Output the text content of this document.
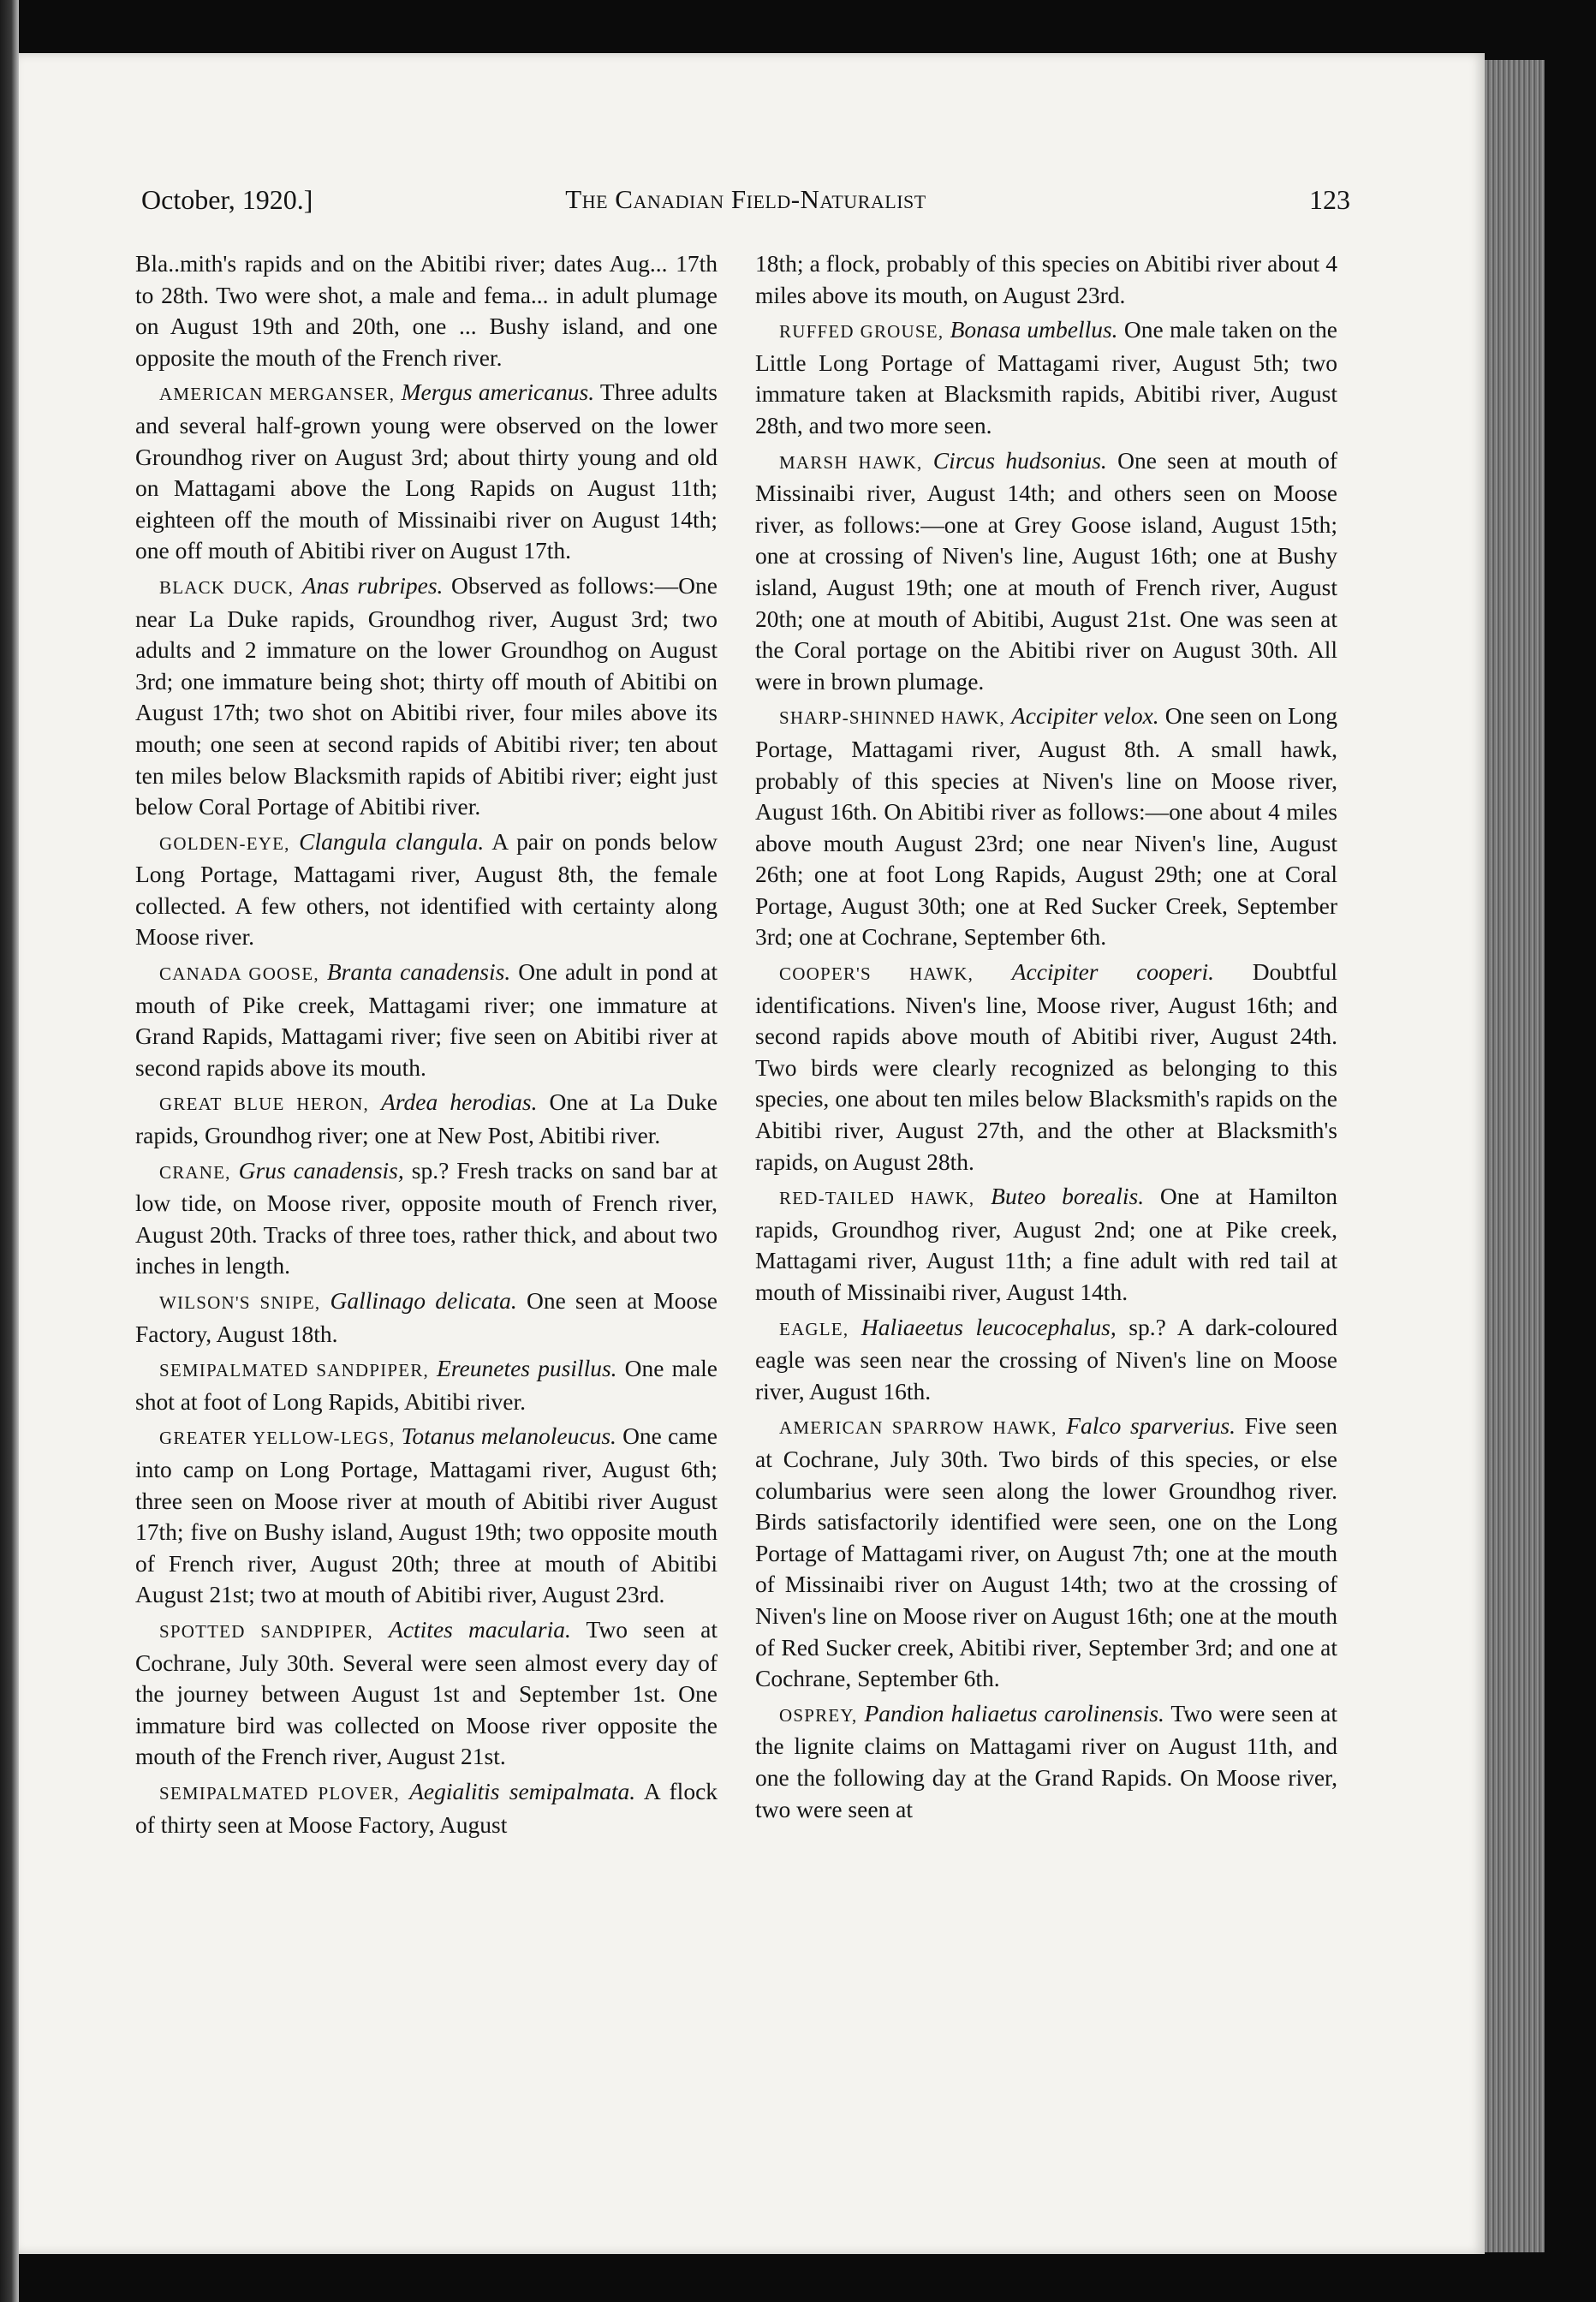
October, 1920.]	The Canadian Field-Naturalist	123

Bla..mith's rapids and on the Abitibi river; dates Aug... 17th to 28th. Two were shot, a male and fema... in adult plumage on August 19th and 20th, one ... Bushy island, and one opposite the mouth of the French river.

AMERICAN MERGANSER, Mergus americanus. Three adults and several half-grown young were observed on the lower Groundhog river on August 3rd; about thirty young and old on Mattagami above the Long Rapids on August 11th; eighteen off the mouth of Missinaibi river on August 14th; one off mouth of Abitibi river on August 17th.

BLACK DUCK, Anas rubripes. Observed as follows:—One near La Duke rapids, Groundhog river, August 3rd; two adults and 2 immature on the lower Groundhog on August 3rd; one immature being shot; thirty off mouth of Abitibi on August 17th; two shot on Abitibi river, four miles above its mouth; one seen at second rapids of Abitibi river; ten about ten miles below Blacksmith rapids of Abitibi river; eight just below Coral Portage of Abitibi river.

GOLDEN-EYE, Clangula clangula. A pair on ponds below Long Portage, Mattagami river, August 8th, the female collected. A few others, not identified with certainty along Moose river.

CANADA GOOSE, Branta canadensis. One adult in pond at mouth of Pike creek, Mattagami river; one immature at Grand Rapids, Mattagami river; five seen on Abitibi river at second rapids above its mouth.

GREAT BLUE HERON, Ardea herodias. One at La Duke rapids, Groundhog river; one at New Post, Abitibi river.

CRANE, Grus canadensis, sp.? Fresh tracks on sand bar at low tide, on Moose river, opposite mouth of French river, August 20th. Tracks of three toes, rather thick, and about two inches in length.

WILSON'S SNIPE, Gallinago delicata. One seen at Moose Factory, August 18th.

SEMIPALMATED SANDPIPER, Ereunetes pusillus. One male shot at foot of Long Rapids, Abitibi river.

GREATER YELLOW-LEGS, Totanus melanoleucus. One came into camp on Long Portage, Mattagami river, August 6th; three seen on Moose river at mouth of Abitibi river August 17th; five on Bushy island, August 19th; two opposite mouth of French river, August 20th; three at mouth of Abitibi August 21st; two at mouth of Abitibi river, August 23rd.

SPOTTED SANDPIPER, Actites macularia. Two seen at Cochrane, July 30th. Several were seen almost every day of the journey between August 1st and September 1st. One immature bird was collected on Moose river opposite the mouth of the French river, August 21st.

SEMIPALMATED PLOVER, Aegialitis semipalmata. A flock of thirty seen at Moose Factory, August

18th; a flock, probably of this species on Abitibi river about 4 miles above its mouth, on August 23rd.

RUFFED GROUSE, Bonasa umbellus. One male taken on the Little Long Portage of Mattagami river, August 5th; two immature taken at Blacksmith rapids, Abitibi river, August 28th, and two more seen.

MARSH HAWK, Circus hudsonius. One seen at mouth of Missinaibi river, August 14th; and others seen on Moose river, as follows:—one at Grey Goose island, August 15th; one at crossing of Niven's line, August 16th; one at Bushy island, August 19th; one at mouth of French river, August 20th; one at mouth of Abitibi, August 21st. One was seen at the Coral portage on the Abitibi river on August 30th. All were in brown plumage.

SHARP-SHINNED HAWK, Accipiter velox. One seen on Long Portage, Mattagami river, August 8th. A small hawk, probably of this species at Niven's line on Moose river, August 16th. On Abitibi river as follows:—one about 4 miles above mouth August 23rd; one near Niven's line, August 26th; one at foot Long Rapids, August 29th; one at Coral Portage, August 30th; one at Red Sucker Creek, September 3rd; one at Cochrane, September 6th.

COOPER'S HAWK, Accipiter cooperi. Doubtful identifications. Niven's line, Moose river, August 16th; and second rapids above mouth of Abitibi river, August 24th. Two birds were clearly recognized as belonging to this species, one about ten miles below Blacksmith's rapids on the Abitibi river, August 27th, and the other at Blacksmith's rapids, on August 28th.

RED-TAILED HAWK, Buteo borealis. One at Hamilton rapids, Groundhog river, August 2nd; one at Pike creek, Mattagami river, August 11th; a fine adult with red tail at mouth of Missinaibi river, August 14th.

EAGLE, Haliaeetus leucocephalus, sp.? A dark-coloured eagle was seen near the crossing of Niven's line on Moose river, August 16th.

AMERICAN SPARROW HAWK, Falco sparverius. Five seen at Cochrane, July 30th. Two birds of this species, or else columbarius were seen along the lower Groundhog river. Birds satisfactorily identified were seen, one on the Long Portage of Mattagami river, on August 7th; one at the mouth of Missinaibi river on August 14th; two at the crossing of Niven's line on Moose river on August 16th; one at the mouth of Red Sucker creek, Abitibi river, September 3rd; and one at Cochrane, September 6th.

OSPREY, Pandion haliaetus carolinensis. Two were seen at the lignite claims on Mattagami river on August 11th, and one the following day at the Grand Rapids. On Moose river, two were seen at
